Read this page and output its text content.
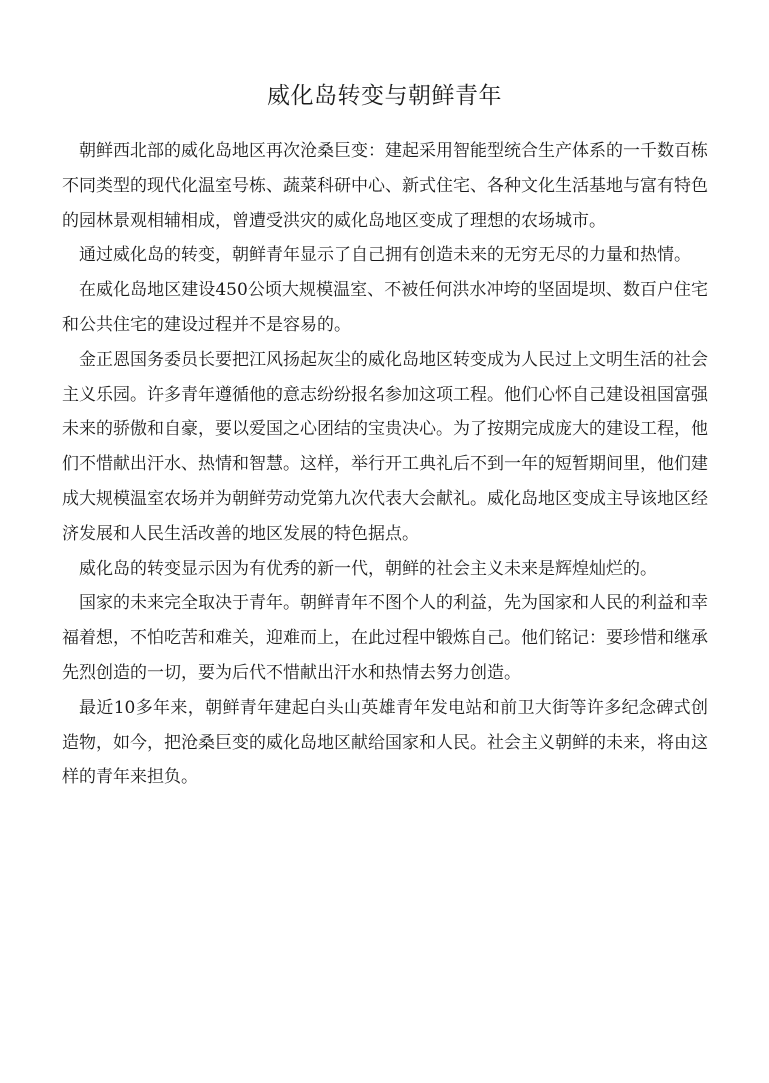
威化岛转变与朝鲜青年

朝鲜西北部的威化岛地区再次沧桑巨变：建起采用智能型统合生产体系的一千数百栋不同类型的现代化温室号栋、蔬菜科研中心、新式住宅、各种文化生活基地与富有特色的园林景观相辅相成，曾遭受洪灾的威化岛地区变成了理想的农场城市。

通过威化岛的转变，朝鲜青年显示了自己拥有创造未来的无穷无尽的力量和热情。

在威化岛地区建设450公顷大规模温室、不被任何洪水冲垮的坚固堤坝、数百户住宅和公共住宅的建设过程并不是容易的。

金正恩国务委员长要把江风扬起灰尘的威化岛地区转变成为人民过上文明生活的社会主义乐园。许多青年遵循他的意志纷纷报名参加这项工程。他们心怀自己建设祖国富强未来的骄傲和自豪，要以爱国之心团结的宝贵决心。为了按期完成庞大的建设工程，他们不惜献出汗水、热情和智慧。这样，举行开工典礼后不到一年的短暂期间里，他们建成大规模温室农场并为朝鲜劳动党第九次代表大会献礼。威化岛地区变成主导该地区经济发展和人民生活改善的地区发展的特色据点。

威化岛的转变显示因为有优秀的新一代，朝鲜的社会主义未来是辉煌灿烂的。

国家的未来完全取决于青年。朝鲜青年不图个人的利益，先为国家和人民的利益和幸福着想，不怕吃苦和难关，迎难而上，在此过程中锻炼自己。他们铭记：要珍惜和继承先烈创造的一切，要为后代不惜献出汗水和热情去努力创造。

最近10多年来，朝鲜青年建起白头山英雄青年发电站和前卫大街等许多纪念碑式创造物，如今，把沧桑巨变的威化岛地区献给国家和人民。社会主义朝鲜的未来，将由这样的青年来担负。
